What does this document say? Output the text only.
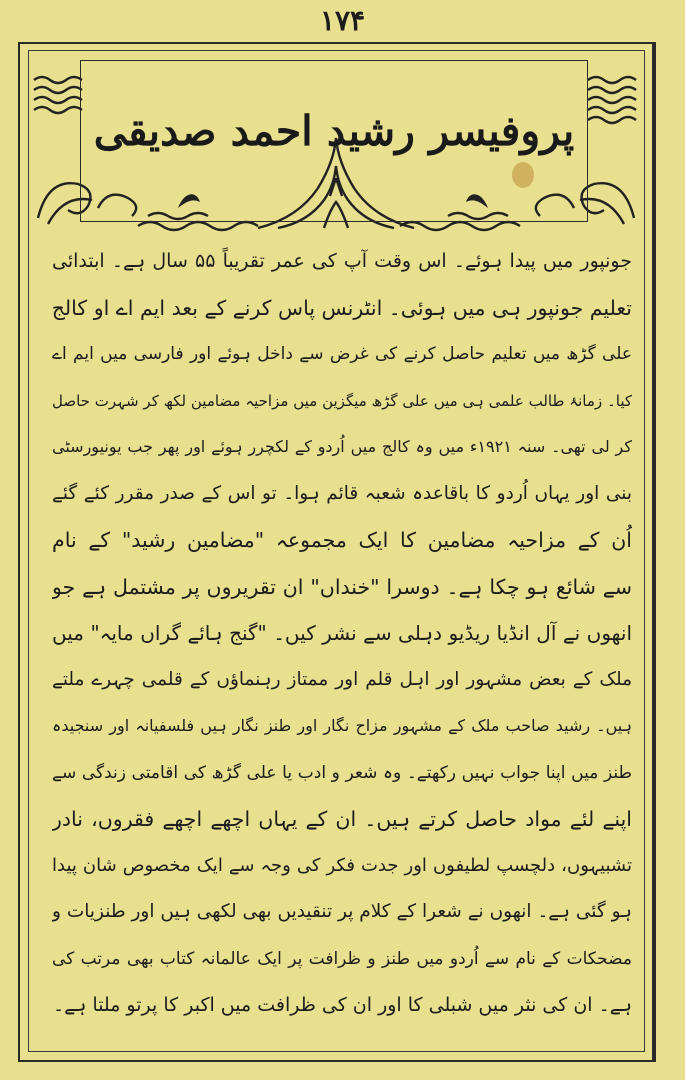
۱۷۴
پروفیسر رشید احمد صدیقی
جونپور میں پیدا ہوئے۔ اس وقت آپ کی عمر تقریباً ۵۵ سال ہے۔ ابتدائی
تعلیم جونپور ہی میں ہوئی۔ انٹرنس پاس کرنے کے بعد ایم اے او کالج
علی گڑھ میں تعلیم حاصل کرنے کی غرض سے داخل ہوئے اور فارسی میں ایم اے
کیا۔ زمانۂ طالب علمی ہی میں علی گڑھ میگزین میں مزاحیہ مضامین لکھ کر شہرت حاصل
کر لی تھی۔ سنہ ۱۹۲۱ء میں وہ کالج میں اُردو کے لکچرر ہوئے اور پھر جب یونیورسٹی
بنی اور یہاں اُردو کا باقاعدہ شعبہ قائم ہوا۔ تو اس کے صدر مقرر کئے گئے
اُن کے مزاحیہ مضامین کا ایک مجموعہ "مضامین رشید" کے نام
سے شائع ہو چکا ہے۔ دوسرا "خنداں" ان تقریروں پر مشتمل ہے جو
انھوں نے آل انڈیا ریڈیو دہلی سے نشر کیں۔ "گنج ہائے گراں مایہ" میں
ملک کے بعض مشہور اور اہل قلم اور ممتاز رہنماؤں کے قلمی چہرے ملتے
ہیں۔ رشید صاحب ملک کے مشہور مزاح نگار اور طنز نگار ہیں فلسفیانہ اور سنجیدہ
طنز میں اپنا جواب نہیں رکھتے۔ وہ شعر و ادب یا علی گڑھ کی اقامتی زندگی سے
اپنے لئے مواد حاصل کرتے ہیں۔ ان کے یہاں اچھے اچھے فقروں، نادر
تشبیہوں، دلچسپ لطیفوں اور جدت فکر کی وجہ سے ایک مخصوص شان پیدا
ہو گئی ہے۔ انھوں نے شعرا کے کلام پر تنقیدیں بھی لکھی ہیں اور طنزیات و
مضحکات کے نام سے اُردو میں طنز و ظرافت پر ایک عالمانہ کتاب بھی مرتب کی
ہے۔ ان کی نثر میں شبلی کا اور ان کی ظرافت میں اکبر کا پرتو ملتا ہے۔
